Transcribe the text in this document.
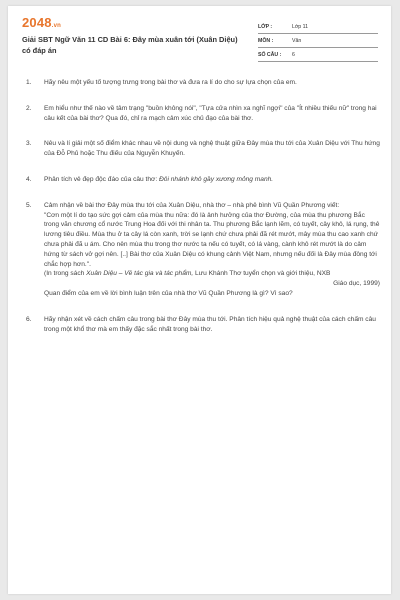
2048.vn
Giải SBT Ngữ Văn 11 CD Bài 6: Đây mùa xuân tới (Xuân Diệu) có đáp án
LỚP :	Lớp 11
MÔN :	Văn
SỐ CÂU :	6
1.	Hãy nêu một yếu tố tượng trưng trong bài thơ và đưa ra lí do cho sự lựa chọn của em.

2.	Em hiểu như thế nào về tâm trạng "buồn không nói", "Tựa cửa nhìn xa nghĩ ngợi" của "Ít nhiều thiếu nữ" trong hai câu kết của bài thơ? Qua đó, chỉ ra mạch cảm xúc chủ đạo của bài thơ.

3.	Nêu và lí giải một số điểm khác nhau về nội dung và nghệ thuật giữa Đây mùa thu tới của Xuân Diệu với Thu hứng của Đỗ Phủ hoặc Thu điếu của Nguyễn Khuyến.

4.	Phân tích vẻ đẹp độc đáo của câu thơ: Đôi nhánh khô gầy xương mỏng manh.

5.	Cảm nhận về bài thơ Đây mùa thu tới của Xuân Diệu, nhà thơ – nhà phê bình Vũ Quần Phương viết:

"Cơn một lí do tạo sức gợi cảm của mùa thu nữa: đó là ảnh hưởng của thơ Đường, của mùa thu phương Bắc trong văn chương cổ nước Trung Hoa đối với thi nhân ta. Thu phương Bắc lạnh lẽm, có tuyết, cây khô, lá rụng, thê lương tiêu điều. Mùa thu ở ta cây lá còn xanh, trời se lạnh chứ chưa phải đã rét mướt, mây mùa thu cao xanh chứ chưa phải đã u ám. Cho nên mùa thu trong thơ nước ta nếu có tuyết, có lá vàng, cành khô rét mướt là do cảm hứng từ sách vở gợi nên. [..] Bài thơ của Xuân Diệu có khung cảnh Việt Nam, nhưng nếu đối là Đây mùa đông tới chắc hợp hơn.".

(In trong sách Xuân Diệu – Về tác gia và tác phẩm, Lưu Khánh Thơ tuyển chọn và giới thiệu, NXB

Giáo dục, 1999)

Quan điểm của em về lời bình luận trên của nhà thơ Vũ Quần Phương là gì? Vì sao?

6.	Hãy nhận xét về cách chấm câu trong bài thơ Đây mùa thu tới. Phân tích hiệu quả nghệ thuật của cách chấm câu trong một khổ thơ mà em thấy đặc sắc nhất trong bài thơ.
